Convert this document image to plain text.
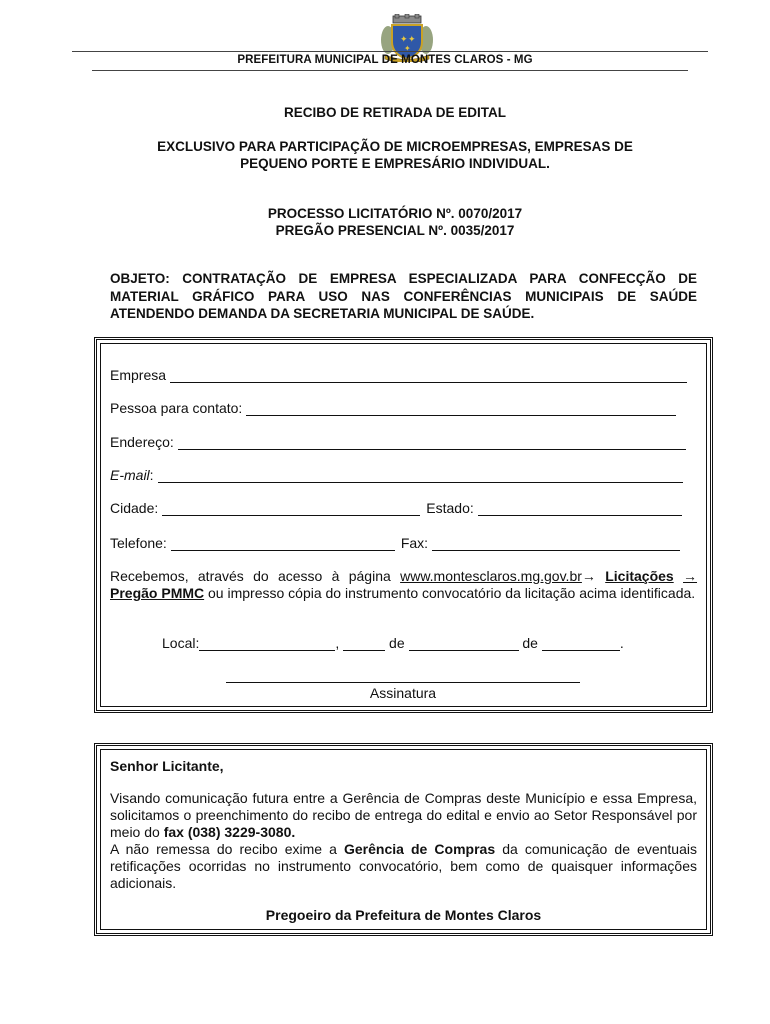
✦ ✦
✦
PREFEITURA MUNICIPAL DE MONTES CLAROS - MG
RECIBO DE RETIRADA DE EDITAL
EXCLUSIVO PARA PARTICIPAÇÃO DE MICROEMPRESAS, EMPRESAS DE
PEQUENO PORTE E EMPRESÁRIO INDIVIDUAL.
PROCESSO LICITATÓRIO Nº. 0070/2017
PREGÃO PRESENCIAL Nº. 0035/2017
OBJETO: CONTRATAÇÃO DE EMPRESA ESPECIALIZADA PARA CONFECÇÃO DE MATERIAL GRÁFICO PARA USO NAS CONFERÊNCIAS MUNICIPAIS DE SAÚDE ATENDENDO DEMANDA DA SECRETARIA MUNICIPAL DE SAÚDE.
Empresa
Pessoa para contato:
Endereço:
E-mail :
Cidade:	Estado:
Telefone:	Fax:
Recebemos, através do acesso à página www.montesclaros.mg.gov.br→ Licitações → Pregão PMMC ou impresso cópia do instrumento convocatório da licitação acima identificada.
Local:	,	de	de	.
Assinatura
Senhor Licitante,
Visando comunicação futura entre a Gerência de Compras deste Município e essa Empresa, solicitamos o preenchimento do recibo de entrega do edital e envio ao Setor Responsável por meio do fax (038) 3229-3080.
A não remessa do recibo exime a Gerência de Compras da comunicação de eventuais retificações ocorridas no instrumento convocatório, bem como de quaisquer informações adicionais.
Pregoeiro da Prefeitura de Montes Claros
